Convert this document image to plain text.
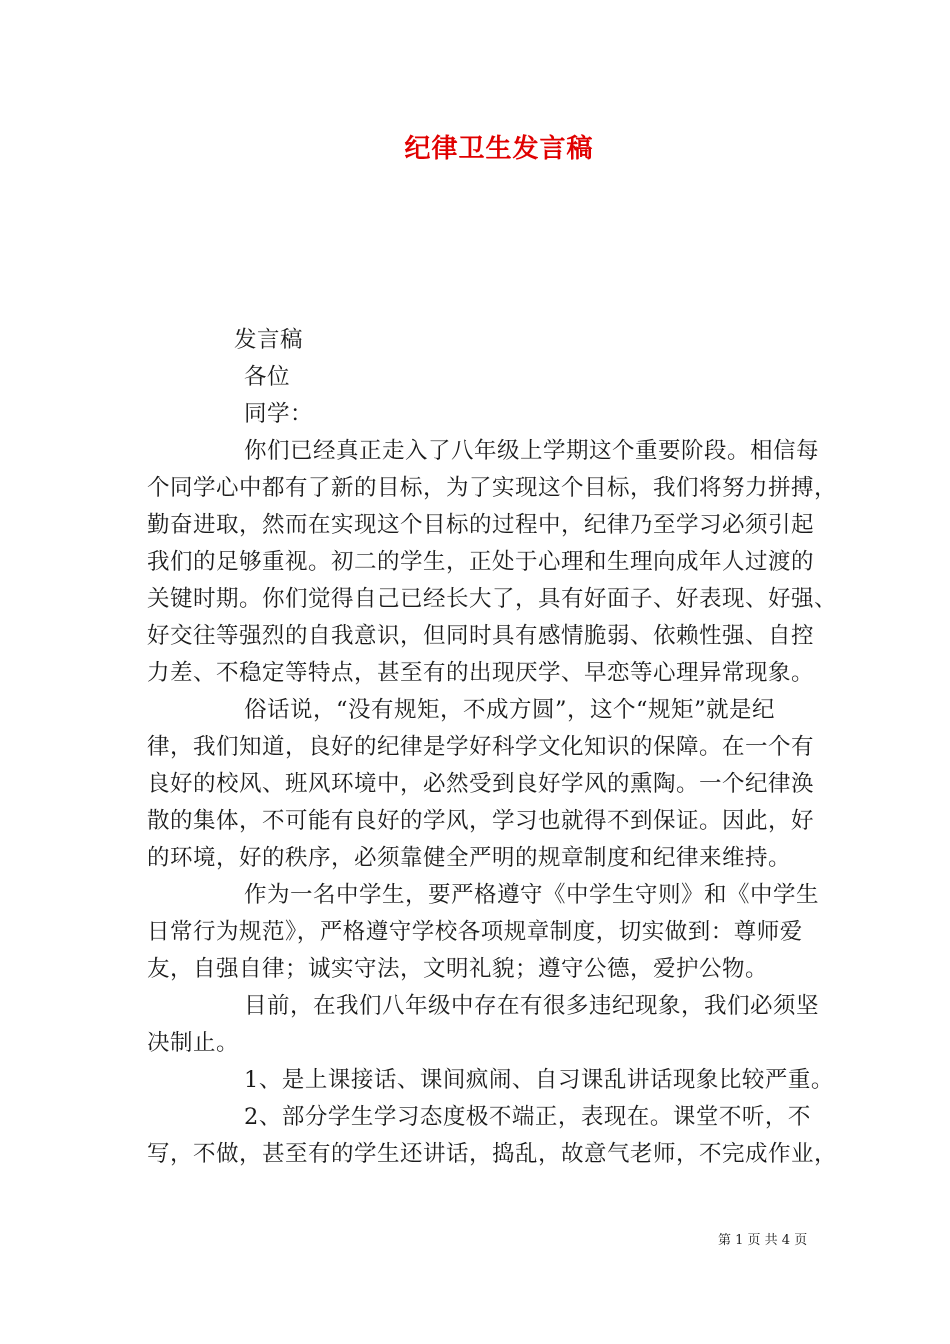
纪律卫生发言稿
发言稿
各位
同学：
你们已经真正走入了八年级上学期这个重要阶段。相信每
个同学心中都有了新的目标，为了实现这个目标，我们将努力拼搏，
勤奋进取，然而在实现这个目标的过程中，纪律乃至学习必须引起
我们的足够重视。初二的学生，正处于心理和生理向成年人过渡的
关键时期。你们觉得自己已经长大了，具有好面子、好表现、好强、
好交往等强烈的自我意识，但同时具有感情脆弱、依赖性强、自控
力差、不稳定等特点，甚至有的出现厌学、早恋等心理异常现象。
俗话说，“没有规矩，不成方圆”，这个“规矩”就是纪
律，我们知道，良好的纪律是学好科学文化知识的保障。在一个有
良好的校风、班风环境中，必然受到良好学风的熏陶。一个纪律涣
散的集体，不可能有良好的学风，学习也就得不到保证。因此，好
的环境，好的秩序，必须靠健全严明的规章制度和纪律来维持。
作为一名中学生，要严格遵守《中学生守则》和《中学生
日常行为规范》，严格遵守学校各项规章制度，切实做到：尊师爱
友，自强自律；诚实守法，文明礼貌；遵守公德，爱护公物。
目前，在我们八年级中存在有很多违纪现象，我们必须坚
决制止。
1、是上课接话、课间疯闹、自习课乱讲话现象比较严重。
2、部分学生学习态度极不端正，表现在。课堂不听，不
写，不做，甚至有的学生还讲话，捣乱，故意气老师，不完成作业，
第 1 页 共 4 页
